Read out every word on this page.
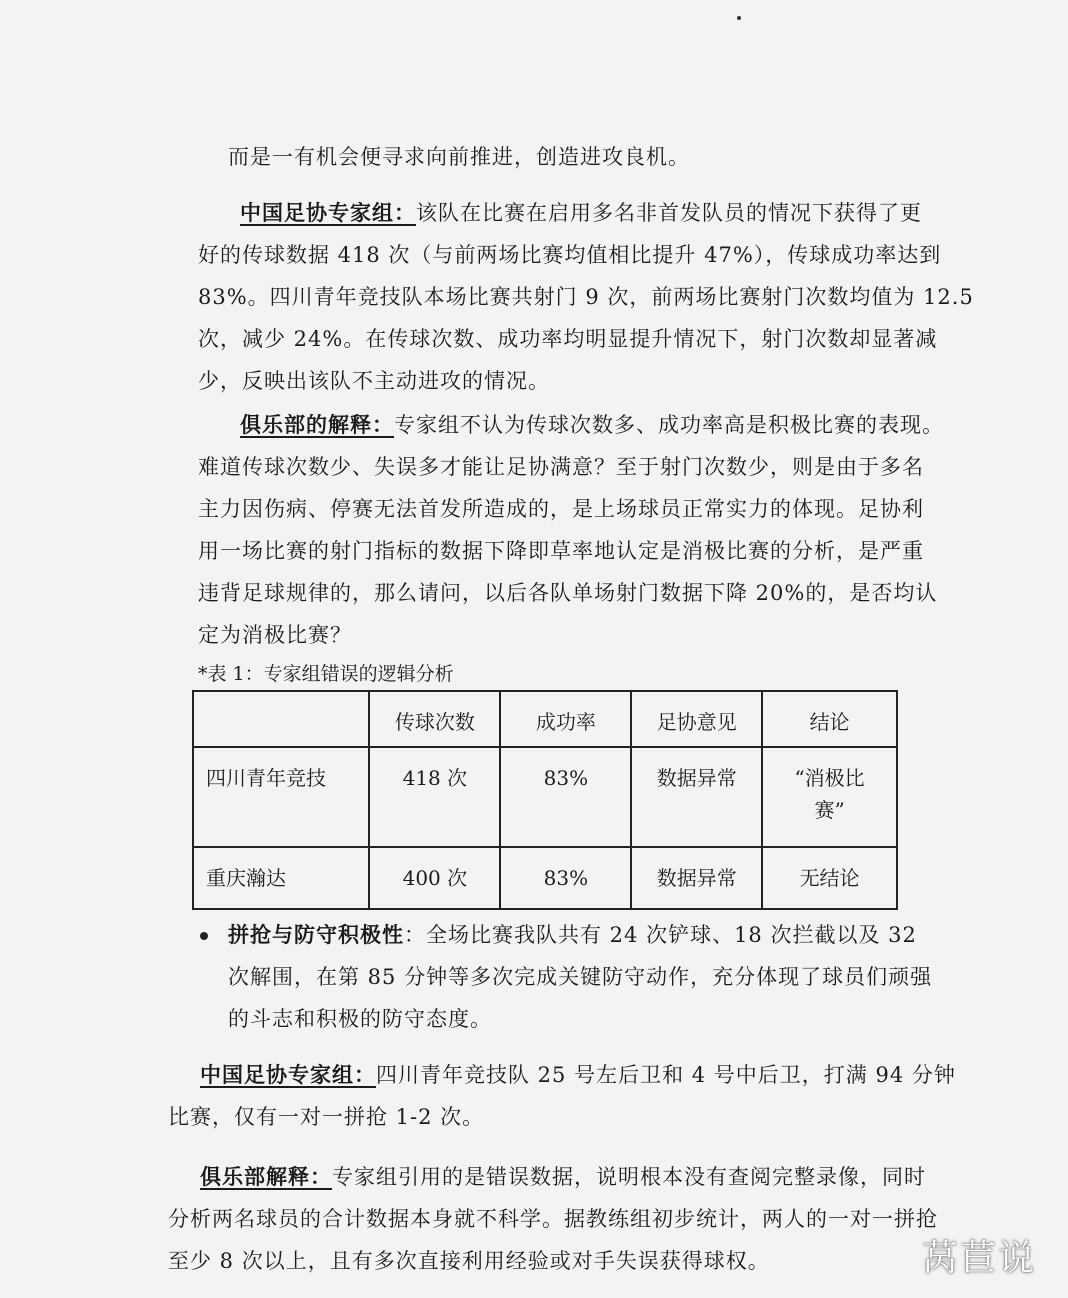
而是一有机会便寻求向前推进，创造进攻良机。
中国足协专家组：该队在比赛在启用多名非首发队员的情况下获得了更
好的传球数据 418 次（与前两场比赛均值相比提升 47%），传球成功率达到
83%。四川青年竞技队本场比赛共射门 9 次，前两场比赛射门次数均值为 12.5
次，减少 24%。在传球次数、成功率均明显提升情况下，射门次数却显著减
少，反映出该队不主动进攻的情况。
俱乐部的解释：专家组不认为传球次数多、成功率高是积极比赛的表现。
难道传球次数少、失误多才能让足协满意？至于射门次数少，则是由于多名
主力因伤病、停赛无法首发所造成的，是上场球员正常实力的体现。足协利
用一场比赛的射门指标的数据下降即草率地认定是消极比赛的分析，是严重
违背足球规律的，那么请问，以后各队单场射门数据下降 20%的，是否均认
定为消极比赛？
*表 1：专家组错误的逻辑分析

	传球次数	成功率	足协意见	结论

四川青年竞技	418 次	83%	数据异常	“消极比
赛”

重庆瀚达	400 次	83%	数据异常	无结论
拼抢与防守积极性：全场比赛我队共有 24 次铲球、18 次拦截以及 32
次解围，在第 85 分钟等多次完成关键防守动作，充分体现了球员们顽强
的斗志和积极的防守态度。
中国足协专家组：四川青年竞技队 25 号左后卫和 4 号中后卫，打满 94 分钟
比赛，仅有一对一拼抢 1-2 次。
俱乐部解释：专家组引用的是错误数据，说明根本没有查阅完整录像，同时
分析两名球员的合计数据本身就不科学。据教练组初步统计，两人的一对一拼抢
至少 8 次以上，且有多次直接利用经验或对手失误获得球权。	莴苣说
